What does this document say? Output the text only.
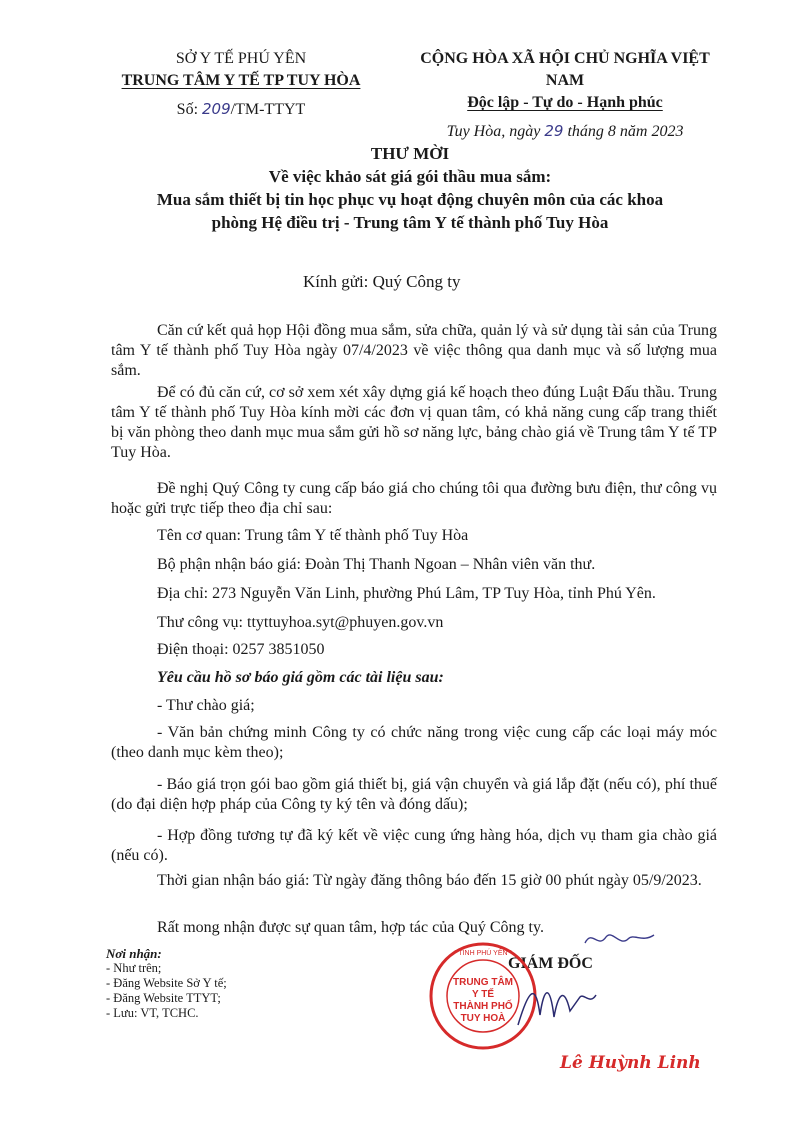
SỞ Y TẾ PHÚ YÊN
TRUNG TÂM Y TẾ TP TUY HÒA
Số: 209/TM-TTYT
CỘNG HÒA XÃ HỘI CHỦ NGHĨA VIỆT NAM
Độc lập - Tự do - Hạnh phúc
Tuy Hòa, ngày 29 tháng 8 năm 2023
THƯ MỜI
Về việc khảo sát giá gói thầu mua sắm:
Mua sắm thiết bị tin học phục vụ hoạt động chuyên môn của các khoa
phòng Hệ điều trị - Trung tâm Y tế thành phố Tuy Hòa
Kính gửi: Quý Công ty
Căn cứ kết quả họp Hội đồng mua sắm, sửa chữa, quản lý và sử dụng tài sản của Trung tâm Y tế thành phố Tuy Hòa ngày 07/4/2023 về việc thông qua danh mục và số lượng mua sắm.
Để có đủ căn cứ, cơ sở xem xét xây dựng giá kế hoạch theo đúng Luật Đấu thầu. Trung tâm Y tế thành phố Tuy Hòa kính mời các đơn vị quan tâm, có khả năng cung cấp trang thiết bị văn phòng theo danh mục mua sắm gửi hồ sơ năng lực, bảng chào giá về Trung tâm Y tế TP Tuy Hòa.
Đề nghị Quý Công ty cung cấp báo giá cho chúng tôi qua đường bưu điện, thư công vụ hoặc gửi trực tiếp theo địa chỉ sau:
Tên cơ quan: Trung tâm Y tế thành phố Tuy Hòa
Bộ phận nhận báo giá: Đoàn Thị Thanh Ngoan – Nhân viên văn thư.
Địa chỉ: 273 Nguyễn Văn Linh, phường Phú Lâm, TP Tuy Hòa, tỉnh Phú Yên.
Thư công vụ: ttyttuyhoa.syt@phuyen.gov.vn
Điện thoại: 0257 3851050
Yêu cầu hồ sơ báo giá gồm các tài liệu sau:
- Thư chào giá;
- Văn bản chứng minh Công ty có chức năng trong việc cung cấp các loại máy móc (theo danh mục kèm theo);
- Báo giá trọn gói bao gồm giá thiết bị, giá vận chuyển và giá lắp đặt (nếu có), phí thuế (do đại diện hợp pháp của Công ty ký tên và đóng dấu);
- Hợp đồng tương tự đã ký kết về việc cung ứng hàng hóa, dịch vụ tham gia chào giá (nếu có).
Thời gian nhận báo giá: Từ ngày đăng thông báo đến 15 giờ 00 phút ngày 05/9/2023.
Rất mong nhận được sự quan tâm, hợp tác của Quý Công ty.
Nơi nhận:
- Như trên;
- Đăng Website Sở Y tế;
- Đăng Website TTYT;
- Lưu: VT, TCHC.
GIÁM ĐỐC
TRUNG TÂM
Y TẾ
THÀNH PHỐ
TUY HOÀ
* TỈNH PHÚ YÊN *
Lê Huỳnh Linh
